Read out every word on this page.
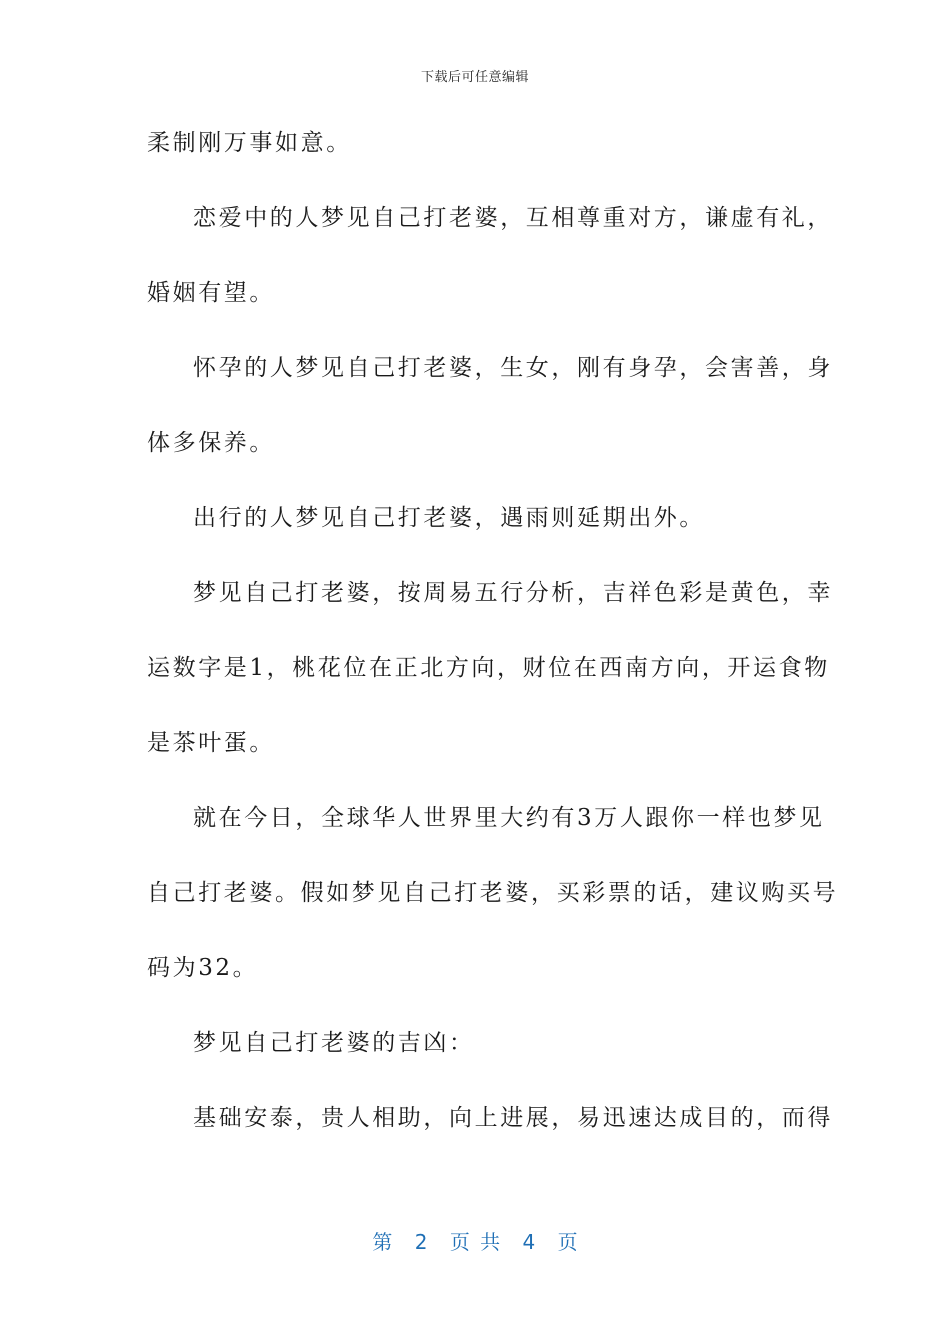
下载后可任意编辑
柔制刚万事如意。
恋爱中的人梦见自己打老婆，互相尊重对方，谦虚有礼，
婚姻有望。
怀孕的人梦见自己打老婆，生女，刚有身孕，会害善，身
体多保养。
出行的人梦见自己打老婆，遇雨则延期出外。
梦见自己打老婆，按周易五行分析，吉祥色彩是黄色，幸
运数字是1，桃花位在正北方向，财位在西南方向，开运食物
是茶叶蛋。
就在今日，全球华人世界里大约有3万人跟你一样也梦见
自己打老婆。假如梦见自己打老婆，买彩票的话，建议购买号
码为32。
梦见自己打老婆的吉凶：
基础安泰，贵人相助，向上进展，易迅速达成目的，而得
第 2 页 共 4 页
